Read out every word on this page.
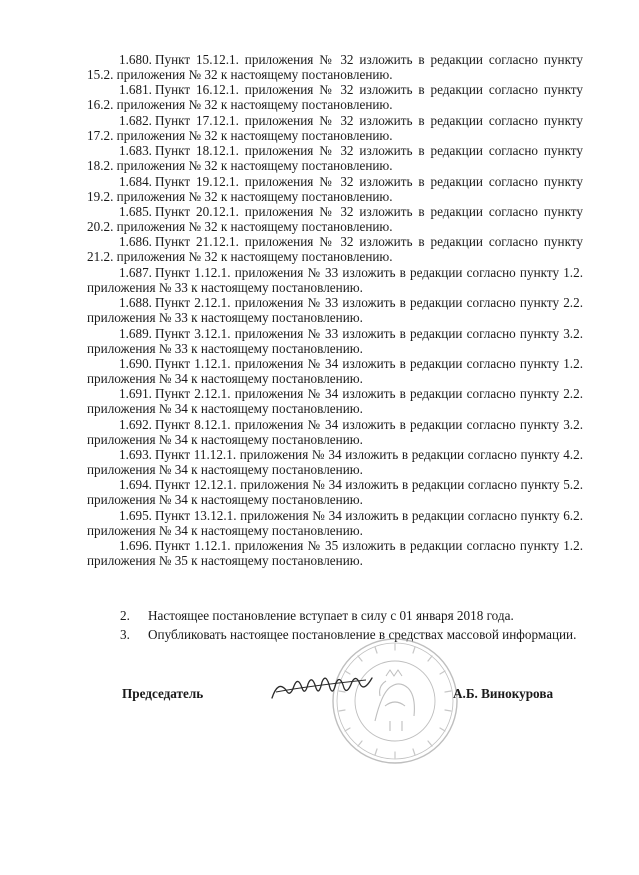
1.680. Пункт 15.12.1. приложения № 32 изложить в редакции согласно пункту 15.2. приложения № 32 к настоящему постановлению.
1.681. Пункт 16.12.1. приложения № 32 изложить в редакции согласно пункту 16.2. приложения № 32 к настоящему постановлению.
1.682. Пункт 17.12.1. приложения № 32 изложить в редакции согласно пункту 17.2. приложения № 32 к настоящему постановлению.
1.683. Пункт 18.12.1. приложения № 32 изложить в редакции согласно пункту 18.2. приложения № 32 к настоящему постановлению.
1.684. Пункт 19.12.1. приложения № 32 изложить в редакции согласно пункту 19.2. приложения № 32 к настоящему постановлению.
1.685. Пункт 20.12.1. приложения № 32 изложить в редакции согласно пункту 20.2. приложения № 32 к настоящему постановлению.
1.686. Пункт 21.12.1. приложения № 32 изложить в редакции согласно пункту 21.2. приложения № 32 к настоящему постановлению.
1.687. Пункт 1.12.1. приложения № 33 изложить в редакции согласно пункту 1.2. приложения № 33 к настоящему постановлению.
1.688. Пункт 2.12.1. приложения № 33 изложить в редакции согласно пункту 2.2. приложения № 33 к настоящему постановлению.
1.689. Пункт 3.12.1. приложения № 33 изложить в редакции согласно пункту 3.2. приложения № 33 к настоящему постановлению.
1.690. Пункт 1.12.1. приложения № 34 изложить в редакции согласно пункту 1.2. приложения № 34 к настоящему постановлению.
1.691. Пункт 2.12.1. приложения № 34 изложить в редакции согласно пункту 2.2. приложения № 34 к настоящему постановлению.
1.692. Пункт 8.12.1. приложения № 34 изложить в редакции согласно пункту 3.2. приложения № 34 к настоящему постановлению.
1.693. Пункт 11.12.1. приложения № 34 изложить в редакции согласно пункту 4.2. приложения № 34 к настоящему постановлению.
1.694. Пункт 12.12.1. приложения № 34 изложить в редакции согласно пункту 5.2. приложения № 34 к настоящему постановлению.
1.695. Пункт 13.12.1. приложения № 34 изложить в редакции согласно пункту 6.2. приложения № 34 к настоящему постановлению.
1.696. Пункт 1.12.1. приложения № 35 изложить в редакции согласно пункту 1.2. приложения № 35 к настоящему постановлению.
2. Настоящее постановление вступает в силу с 01 января 2018 года.
3. Опубликовать настоящее постановление в средствах массовой информации.
Председатель	А.Б. Винокурова
